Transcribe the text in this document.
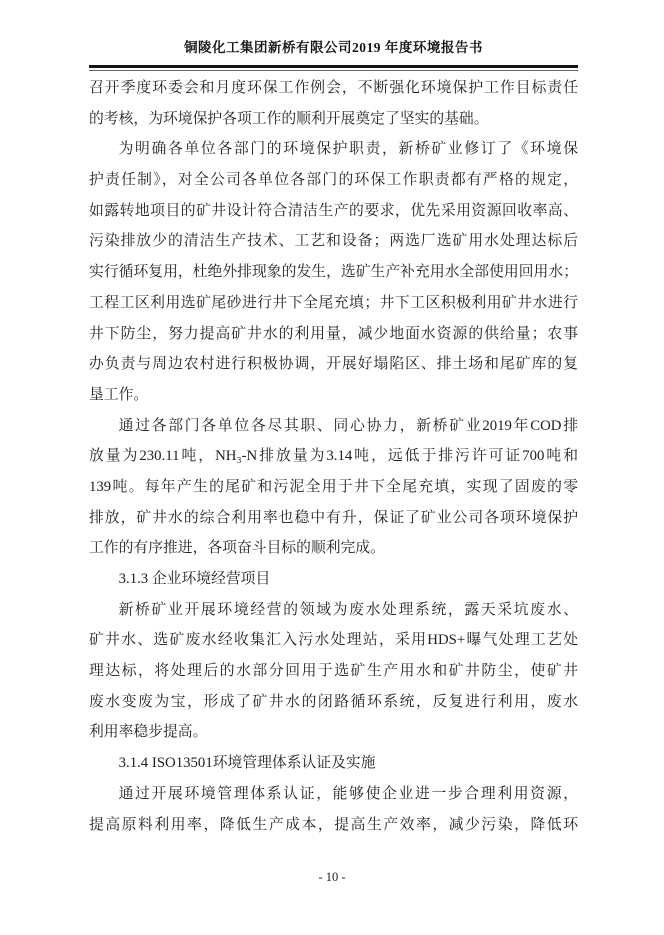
铜陵化工集团新桥有限公司2019 年度环境报告书
召开季度环委会和月度环保工作例会，不断强化环境保护工作目标责任
的考核，为环境保护各项工作的顺利开展奠定了坚实的基础。
为明确各单位各部门的环境保护职责，新桥矿业修订了《环境保
护责任制》，对全公司各单位各部门的环保工作职责都有严格的规定，
如露转地项目的矿井设计符合清洁生产的要求，优先采用资源回收率高、
污染排放少的清洁生产技术、工艺和设备；两选厂选矿用水处理达标后
实行循环复用，杜绝外排现象的发生，选矿生产补充用水全部使用回用水；
工程工区利用选矿尾砂进行井下全尾充填；井下工区积极利用矿井水进行
井下防尘，努力提高矿井水的利用量，减少地面水资源的供给量；农事
办负责与周边农村进行积极协调，开展好塌陷区、排土场和尾矿库的复
垦工作。
通过各部门各单位各尽其职、同心协力，新桥矿业2019年COD排
放量为230.11吨，NH₃-N排放量为3.14吨，远低于排污许可证700吨和
139吨。每年产生的尾矿和污泥全用于井下全尾充填，实现了固废的零
排放，矿井水的综合利用率也稳中有升，保证了矿业公司各项环境保护
工作的有序推进，各项奋斗目标的顺利完成。
3.1.3 企业环境经营项目
新桥矿业开展环境经营的领域为废水处理系统，露天采坑废水、
矿井水、选矿废水经收集汇入污水处理站，采用HDS+曝气处理工艺处
理达标，将处理后的水部分回用于选矿生产用水和矿井防尘，使矿井
废水变废为宝，形成了矿井水的闭路循环系统，反复进行利用，废水
利用率稳步提高。
3.1.4 ISO13501环境管理体系认证及实施
通过开展环境管理体系认证，能够使企业进一步合理利用资源，
提高原料利用率，降低生产成本，提高生产效率，减少污染，降低环
- 10 -
